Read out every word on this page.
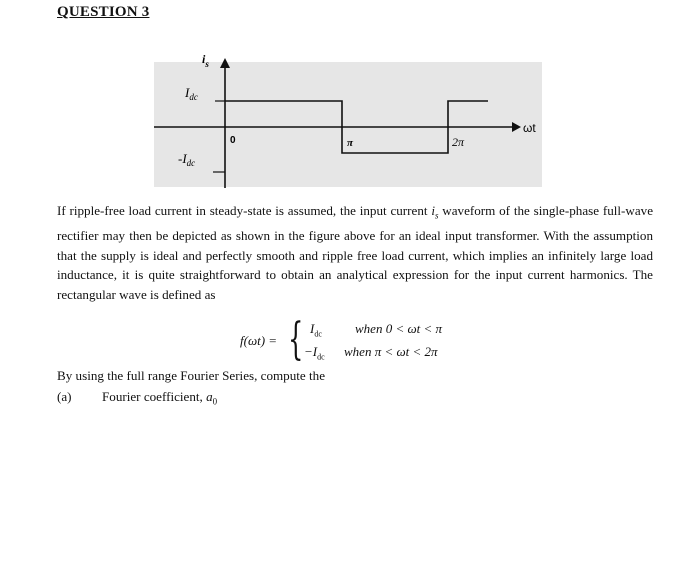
QUESTION 3
$i_s$
$I_{dc}$
$-I_{dc}$
0	π	2π
ωt
If ripple-free load current in steady-state is assumed, the input current $i_s$ waveform of the single-phase full-wave rectifier may then be depicted as shown in the figure above for an ideal input transformer. With the assumption that the supply is ideal and perfectly smooth and ripple free load current, which implies an infinitely large load inductance, it is quite straightforward to obtain an analytical expression for the input current harmonics. The rectangular wave is defined as
f(ωt) = { $I_{dc}$	when 0 < ωt < π
$-I_{dc}$ when π < ωt < 2π
By using the full range Fourier Series, compute the
(a) Fourier coefficient, $a_0$
